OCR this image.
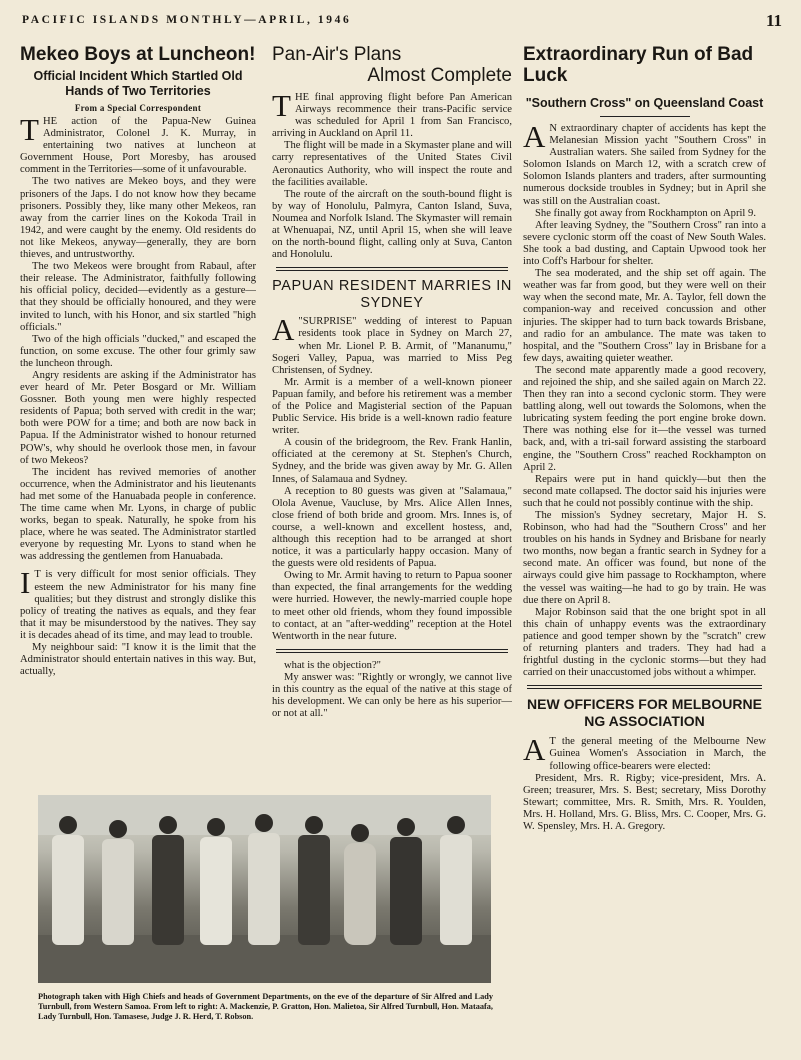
PACIFIC ISLANDS MONTHLY—APRIL, 1946	11
Mekeo Boys at Luncheon!
Official Incident Which Startled Old Hands of Two Territories
From a Special Correspondent

THE action of the Papua-New Guinea Administrator, Colonel J. K. Murray, in entertaining two natives at luncheon at Government House, Port Moresby, has aroused comment in the Territories—some of it unfavourable.

The two natives are Mekeo boys, and they were prisoners of the Japs. I do not know how they became prisoners. Possibly they, like many other Mekeos, ran away from the carrier lines on the Kokoda Trail in 1942, and were caught by the enemy. Old residents do not like Mekeos, anyway—generally, they are born thieves, and untrustworthy.

The two Mekeos were brought from Rabaul, after their release. The Administrator, faithfully following his official policy, decided—evidently as a gesture—that they should be officially honoured, and they were invited to lunch, with his Honor, and six startled "high officials."

Two of the high officials "ducked," and escaped the function, on some excuse. The other four grimly saw the luncheon through.

Angry residents are asking if the Administrator has ever heard of Mr. Peter Bosgard or Mr. William Gossner. Both young men were highly respected residents of Papua; both served with credit in the war; both were POW for a time; and both are now back in Papua. If the Administrator wished to honour returned POW's, why should he overlook those men, in favour of two Mekeos?

The incident has revived memories of another occurrence, when the Administrator and his lieutenants had met some of the Hanuabada people in conference. The time came when Mr. Lyons, in charge of public works, began to speak. Naturally, he spoke from his place, where he was seated. The Administrator startled everyone by requesting Mr. Lyons to stand when he was addressing the gentlemen from Hanuabada.

I T is very difficult for most senior officials. They esteem the new Administrator for his many fine qualities; but they distrust and strongly dislike this policy of treating the natives as equals, and they fear that it may be misunderstood by the natives. They say it is decades ahead of its time, and may lead to trouble.

My neighbour said: "I know it is the limit that the Administrator should entertain natives in this way. But, actually,

Pan-Air's Plans
Almost Complete

THE final approving flight before Pan American Airways recommence their trans-Pacific service was scheduled for April 1 from San Francisco, arriving in Auckland on April 11.

The flight will be made in a Skymaster plane and will carry representatives of the United States Civil Aeronautics Authority, who will inspect the route and the facilities available.

The route of the aircraft on the south-bound flight is by way of Honolulu, Palmyra, Canton Island, Suva, Noumea and Norfolk Island. The Skymaster will remain at Whenuapai, NZ, until April 15, when she will leave on the north-bound flight, calling only at Suva, Canton and Honolulu.

PAPUAN RESIDENT MARRIES IN SYDNEY

A "SURPRISE" wedding of interest to Papuan residents took place in Sydney on March 27, when Mr. Lionel P. B. Armit, of "Mananumu," Sogeri Valley, Papua, was married to Miss Peg Christensen, of Sydney.

Mr. Armit is a member of a well-known pioneer Papuan family, and before his retirement was a member of the Police and Magisterial section of the Papuan Public Service. His bride is a well-known radio feature writer.

A cousin of the bridegroom, the Rev. Frank Hanlin, officiated at the ceremony at St. Stephen's Church, Sydney, and the bride was given away by Mr. G. Allen Innes, of Salamaua and Sydney.

A reception to 80 guests was given at "Salamaua," Olola Avenue, Vaucluse, by Mrs. Alice Allen Innes, close friend of both bride and groom. Mrs. Innes is, of course, a well-known and excellent hostess, and, although this reception had to be arranged at short notice, it was a particularly happy occasion. Many of the guests were old residents of Papua.

Owing to Mr. Armit having to return to Papua sooner than expected, the final arrangements for the wedding were hurried. However, the newly-married couple hope to meet other old friends, whom they found impossible to contact, at an "after-wedding" reception at the Hotel Wentworth in the near future.

what is the objection?"

My answer was: "Rightly or wrongly, we cannot live in this country as the equal of the native at this stage of his development. We can only be here as his superior—or not at all."

Extraordinary Run of Bad Luck
"Southern Cross" on Queensland Coast

A N extraordinary chapter of accidents has kept the Melanesian Mission yacht "Southern Cross" in Australian waters. She sailed from Sydney for the Solomon Islands on March 12, with a scratch crew of Solomon Islands planters and traders, after surmounting numerous dockside troubles in Sydney; but in April she was still on the Australian coast.

She finally got away from Rockhampton on April 9.

After leaving Sydney, the "Southern Cross" ran into a severe cyclonic storm off the coast of New South Wales. She took a bad dusting, and Captain Upwood took her into Coff's Harbour for shelter.

The sea moderated, and the ship set off again. The weather was far from good, but they were well on their way when the second mate, Mr. A. Taylor, fell down the companion-way and received concussion and other injuries. The skipper had to turn back towards Brisbane, and radio for an ambulance. The mate was taken to hospital, and the "Southern Cross" lay in Brisbane for a few days, awaiting quieter weather.

The second mate apparently made a good recovery, and rejoined the ship, and she sailed again on March 22. Then they ran into a second cyclonic storm. They were battling along, well out towards the Solomons, when the lubricating system feeding the port engine broke down. There was nothing else for it—the vessel was turned back, and, with a tri-sail forward assisting the starboard engine, the "Southern Cross" reached Rockhampton on April 2.

Repairs were put in hand quickly—but then the second mate collapsed. The doctor said his injuries were such that he could not possibly continue with the ship.

The mission's Sydney secretary, Major H. S. Robinson, who had had the "Southern Cross" and her troubles on his hands in Sydney and Brisbane for nearly two months, now began a frantic search in Sydney for a second mate. An officer was found, but none of the airways could give him passage to Rockhampton, where the vessel was waiting—he had to go by train. He was due there on April 8.

Major Robinson said that the one bright spot in all this chain of unhappy events was the extraordinary patience and good temper shown by the "scratch" crew of returning planters and traders. They had had a frightful dusting in the cyclonic storms—but they had carried on their unaccustomed jobs without a whimper.

NEW OFFICERS FOR MELBOURNE NG ASSOCIATION

A T the general meeting of the Melbourne New Guinea Women's Association in March, the following office-bearers were elected:

President, Mrs. R. Rigby; vice-president, Mrs. A. Green; treasurer, Mrs. S. Best; secretary, Miss Dorothy Stewart; committee, Mrs. R. Smith, Mrs. R. Youlden, Mrs. H. Holland, Mrs. G. Bliss, Mrs. C. Cooper, Mrs. G. W. Spensley, Mrs. H. A. Gregory.

Photograph taken with High Chiefs and heads of Government Departments, on the eve of the departure of Sir Alfred and Lady Turnbull, from Western Samoa. From left to right: A. Mackenzie, P. Gratton, Hon. Malietoa, Sir Alfred Turnbull, Hon. Mataafa, Lady Turnbull, Hon. Tamasese, Judge J. R. Herd, T. Robson.
